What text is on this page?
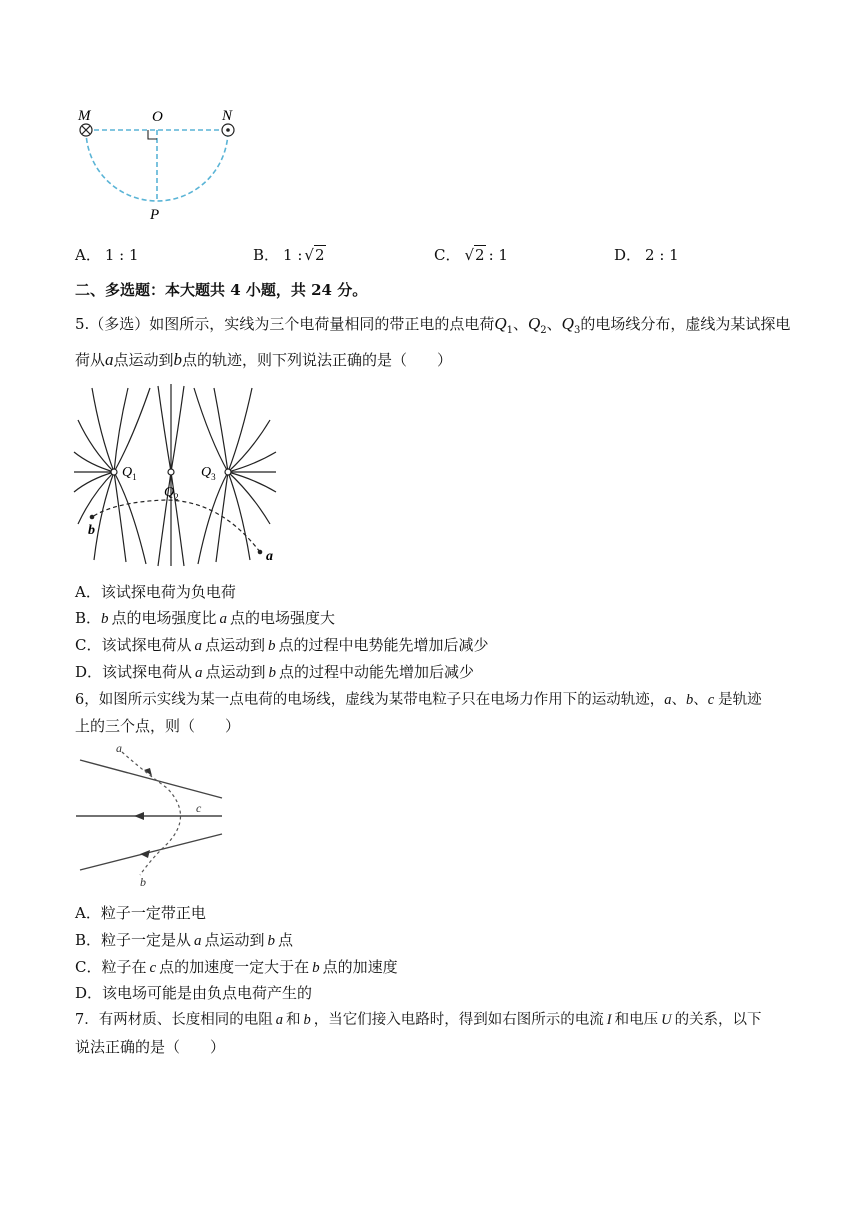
M	O	N
P
A． 1 : 1	B． 1 : √2	C． √2 : 1	D． 2 : 1
二、多选题：本大题共 4 小题，共 24 分。
5.（多选）如图所示，实线为三个电荷量相同的带正电的点电荷$Q_1$、$Q_2$、$Q_3$的电场线分布，虚线为某试探电
荷从a点运动到b点的轨迹，则下列说法正确的是（　　）
$Q_1$
$Q_2$
$Q_3$
a
b
A．该试探电荷为负电荷
B．b 点的电场强度比 a 点的电场强度大
C．该试探电荷从 a 点运动到 b 点的过程中电势能先增加后减少
D．该试探电荷从 a 点运动到 b 点的过程中动能先增加后减少
6，如图所示实线为某一点电荷的电场线，虚线为某带电粒子只在电场力作用下的运动轨迹，a、b、c 是轨迹
上的三个点，则（　　）
a
c
b
A．粒子一定带正电
B．粒子一定是从 a 点运动到 b 点
C．粒子在 c 点的加速度一定大于在 b 点的加速度
D．该电场可能是由负点电荷产生的
7．有两材质、长度相同的电阻 a 和 b ，当它们接入电路时，得到如右图所示的电流 I 和电压 U 的关系，以下
说法正确的是（　　）
